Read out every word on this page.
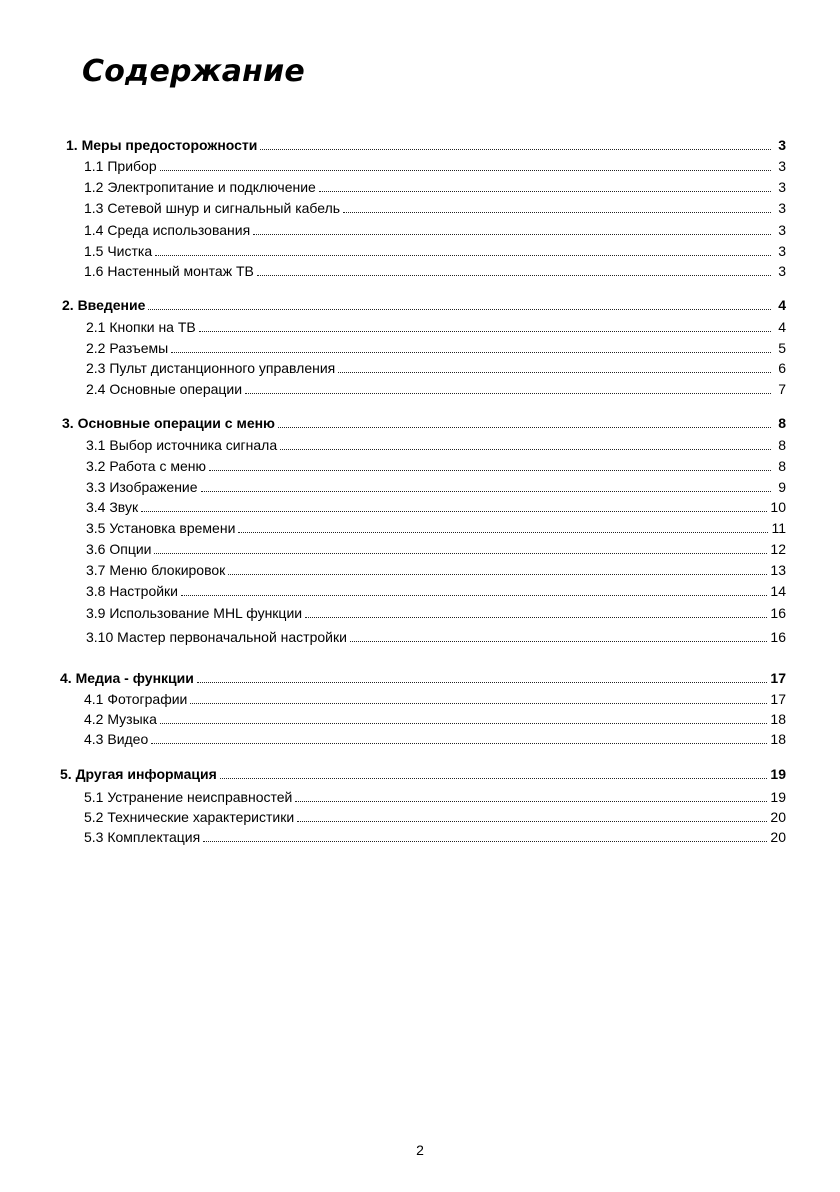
Содержание
1. Меры предосторожности	3
1.1 Прибор	3
1.2 Электропитание и подключение	3
1.3 Сетевой шнур и сигнальный кабель	3
1.4 Среда использования	3
1.5 Чистка	3
1.6 Настенный монтаж ТВ	3
2. Введение	4
2.1 Кнопки на ТВ	4
2.2 Разъемы	5
2.3 Пульт дистанционного управления	6
2.4 Основные операции	7
3. Основные операции с меню	8
3.1 Выбор источника сигнала	8
3.2 Работа с меню	8
3.3 Изображение	9
3.4 Звук	10
3.5 Установка времени	11
3.6 Опции	12
3.7 Меню блокировок	13
3.8 Настройки	14
3.9 Использование MHL функции	16
3.10 Мастер первоначальной настройки	16
4. Медиа - функции	17
4.1 Фотографии	17
4.2 Музыка	18
4.3 Видео	18
5. Другая информация	19
5.1 Устранение неисправностей	19
5.2 Технические характеристики	20
5.3 Комплектация	20
2
